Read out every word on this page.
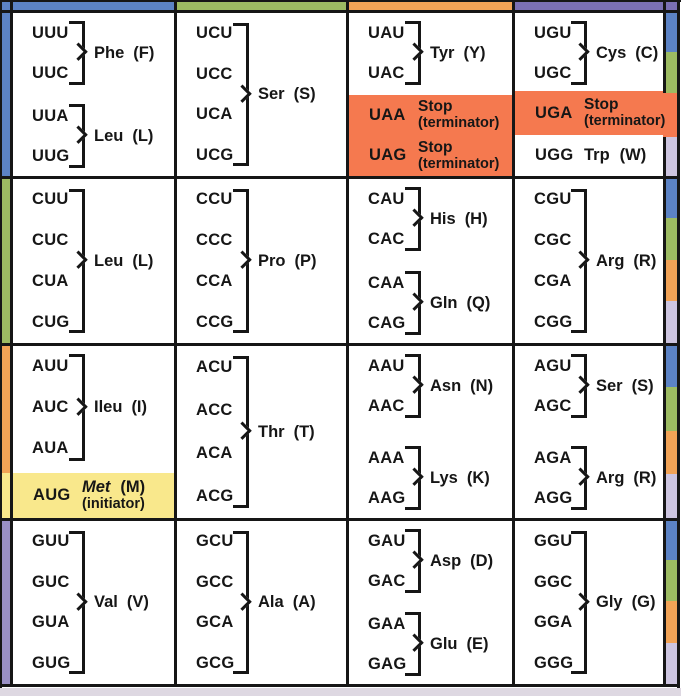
UUU
UUC
Phe (F)
UUA
UUG
Leu (L)
UCU
UCC
UCA
UCG
Ser (S)
UAU
UAC
Tyr (Y)
UAA Stop
(terminator)
UAG Stop
(terminator)
UGU
UGC
Cys (C)
UGA Stop
(terminator)
UGG Trp (W)
CUU
CUC
CUA
CUG
Leu (L)
CCU
CCC
CCA
CCG
Pro (P)
CAU
CAC
His (H)
CAA
CAG
Gln (Q)
CGU
CGC
CGA
CGG
Arg (R)
AUU
AUC
AUA
Ileu (I)
AUG Met (M)
(initiator)
ACU
ACC
ACA
ACG
Thr (T)
AAU
AAC
Asn (N)
AAA
AAG
Lys (K)
AGU
AGC
Ser (S)
AGA
AGG
Arg (R)
GUU
GUC
GUA
GUG
Val (V)
GCU
GCC
GCA
GCG
Ala (A)
GAU
GAC
Asp (D)
GAA
GAG
Glu (E)
GGU
GGC
GGA
GGG
Gly (G)
